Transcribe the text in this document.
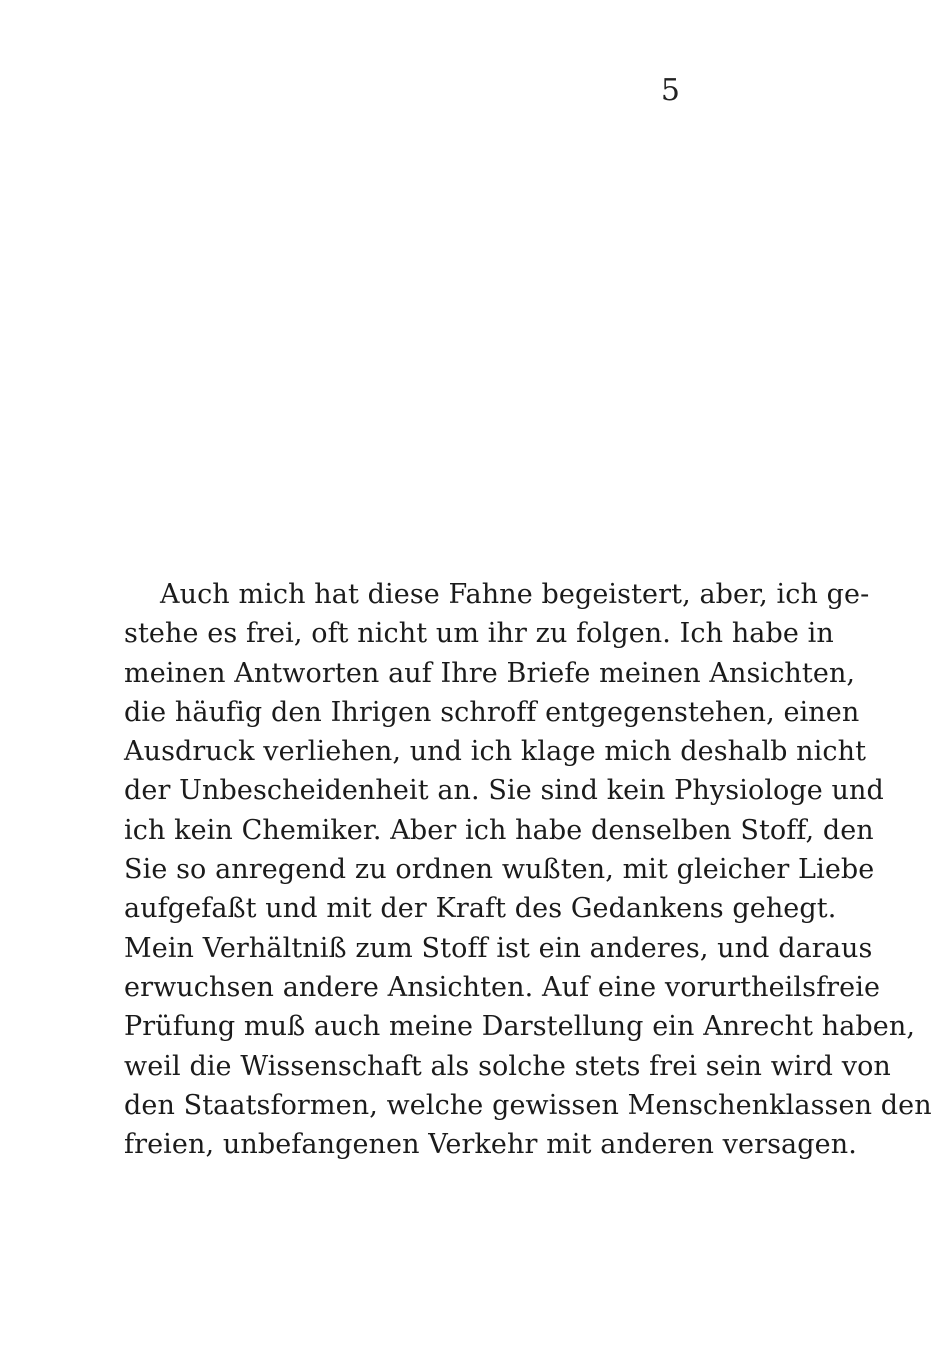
5
Auch mich hat diese Fahne begeistert, aber, ich ge-
stehe es frei, oft nicht um ihr zu folgen. Ich habe in
meinen Antworten auf Ihre Briefe meinen Ansichten,
die häufig den Ihrigen schroff entgegenstehen, einen
Ausdruck verliehen, und ich klage mich deshalb nicht
der Unbescheidenheit an. Sie sind kein Physiologe und
ich kein Chemiker. Aber ich habe denselben Stoff, den
Sie so anregend zu ordnen wußten, mit gleicher Liebe
aufgefaßt und mit der Kraft des Gedankens gehegt.
Mein Verhältniß zum Stoff ist ein anderes, und daraus
erwuchsen andere Ansichten. Auf eine vorurtheilsfreie
Prüfung muß auch meine Darstellung ein Anrecht haben,
weil die Wissenschaft als solche stets frei sein wird von
den Staatsformen, welche gewissen Menschenklassen den
freien, unbefangenen Verkehr mit anderen versagen.
